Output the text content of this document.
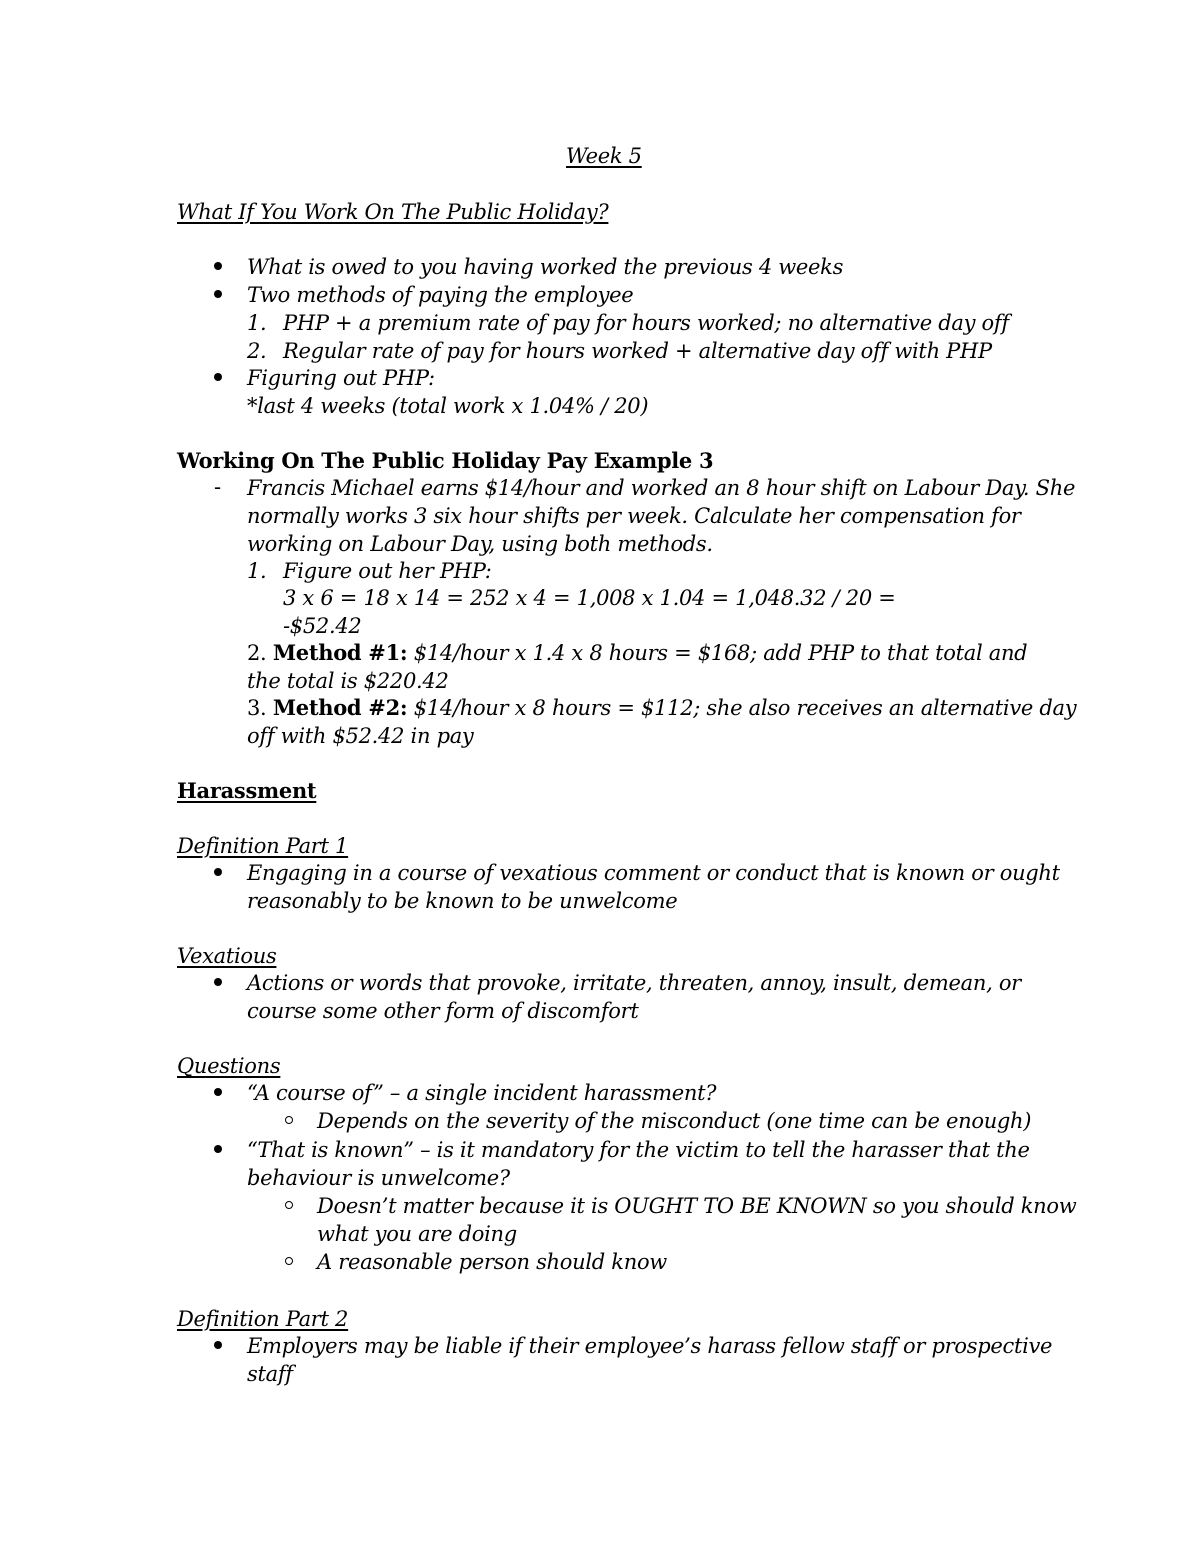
Week 5
What If You Work On The Public Holiday?
What is owed to you having worked the previous 4 weeks
Two methods of paying the employee
1. PHP + a premium rate of pay for hours worked; no alternative day off
2. Regular rate of pay for hours worked + alternative day off with PHP
Figuring out PHP:
*last 4 weeks (total work x 1.04% / 20)
Working On The Public Holiday Pay Example 3
- Francis Michael earns $14/hour and worked an 8 hour shift on Labour Day. She
normally works 3 six hour shifts per week. Calculate her compensation for
working on Labour Day, using both methods.
1. Figure out her PHP:
3 x 6 = 18 x 14 = 252 x 4 = 1,008 x 1.04 = 1,048.32 / 20 =
-$52.42
2. Method #1: $14/hour x 1.4 x 8 hours = $168; add PHP to that total and
the total is $220.42
3. Method #2: $14/hour x 8 hours = $112; she also receives an alternative day
off with $52.42 in pay
Harassment
Definition Part 1
Engaging in a course of vexatious comment or conduct that is known or ought
reasonably to be known to be unwelcome
Vexatious
Actions or words that provoke, irritate, threaten, annoy, insult, demean, or
course some other form of discomfort
Questions
“A course of” – a single incident harassment?
Depends on the severity of the misconduct (one time can be enough)
“That is known” – is it mandatory for the victim to tell the harasser that the
behaviour is unwelcome?
Doesn’t matter because it is OUGHT TO BE KNOWN so you should know
what you are doing
A reasonable person should know
Definition Part 2
Employers may be liable if their employee’s harass fellow staff or prospective
staff
